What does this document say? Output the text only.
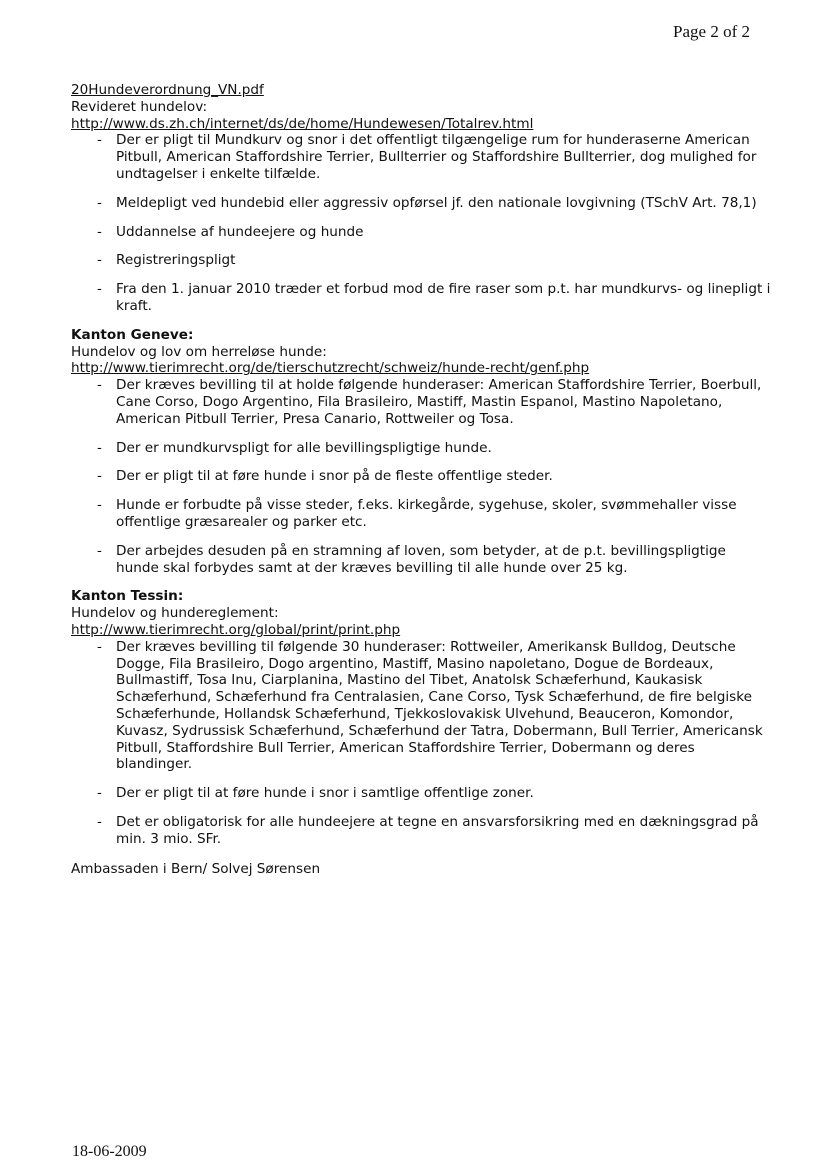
Page 2 of 2
20Hundeverordnung_VN.pdf
Revideret hundelov:
http://www.ds.zh.ch/internet/ds/de/home/Hundewesen/Totalrev.html
- Der er pligt til Mundkurv og snor i det offentligt tilgængelige rum for hunderaserne American Pitbull, American Staffordshire Terrier, Bullterrier og Staffordshire Bullterrier, dog mulighed for undtagelser i enkelte tilfælde.
- Meldepligt ved hundebid eller aggressiv opførsel jf. den nationale lovgivning (TSchV Art. 78,1)
- Uddannelse af hundeejere og hunde
- Registreringspligt
- Fra den 1. januar 2010 træder et forbud mod de fire raser som p.t. har mundkurvs- og linepligt i kraft.
Kanton Geneve:
Hundelov og lov om herreløse hunde:
http://www.tierimrecht.org/de/tierschutzrecht/schweiz/hunde-recht/genf.php
- Der kræves bevilling til at holde følgende hunderaser: American Staffordshire Terrier, Boerbull, Cane Corso, Dogo Argentino, Fila Brasileiro, Mastiff, Mastin Espanol, Mastino Napoletano, American Pitbull Terrier, Presa Canario, Rottweiler og Tosa.
- Der er mundkurvspligt for alle bevillingspligtige hunde.
- Der er pligt til at føre hunde i snor på de fleste offentlige steder.
- Hunde er forbudte på visse steder, f.eks. kirkegårde, sygehuse, skoler, svømmehaller visse offentlige græsarealer og parker etc.
- Der arbejdes desuden på en stramning af loven, som betyder, at de p.t. bevillingspligtige hunde skal forbydes samt at der kræves bevilling til alle hunde over 25 kg.
Kanton Tessin:
Hundelov og hundereglement:
http://www.tierimrecht.org/global/print/print.php
- Der kræves bevilling til følgende 30 hunderaser: Rottweiler, Amerikansk Bulldog, Deutsche Dogge, Fila Brasileiro, Dogo argentino, Mastiff, Masino napoletano, Dogue de Bordeaux, Bullmastiff, Tosa Inu, Ciarplanina, Mastino del Tibet, Anatolsk Schæferhund, Kaukasisk Schæferhund, Schæferhund fra Centralasien, Cane Corso, Tysk Schæferhund, de fire belgiske Schæferhunde, Hollandsk Schæferhund, Tjekkoslovakisk Ulvehund, Beauceron, Komondor, Kuvasz, Sydrussisk Schæferhund, Schæferhund der Tatra, Dobermann, Bull Terrier, Americansk Pitbull, Staffordshire Bull Terrier, American Staffordshire Terrier, Dobermann og deres blandinger.
- Der er pligt til at føre hunde i snor i samtlige offentlige zoner.
- Det er obligatorisk for alle hundeejere at tegne en ansvarsforsikring med en dækningsgrad på min. 3 mio. SFr.
Ambassaden i Bern/ Solvej Sørensen
18-06-2009
